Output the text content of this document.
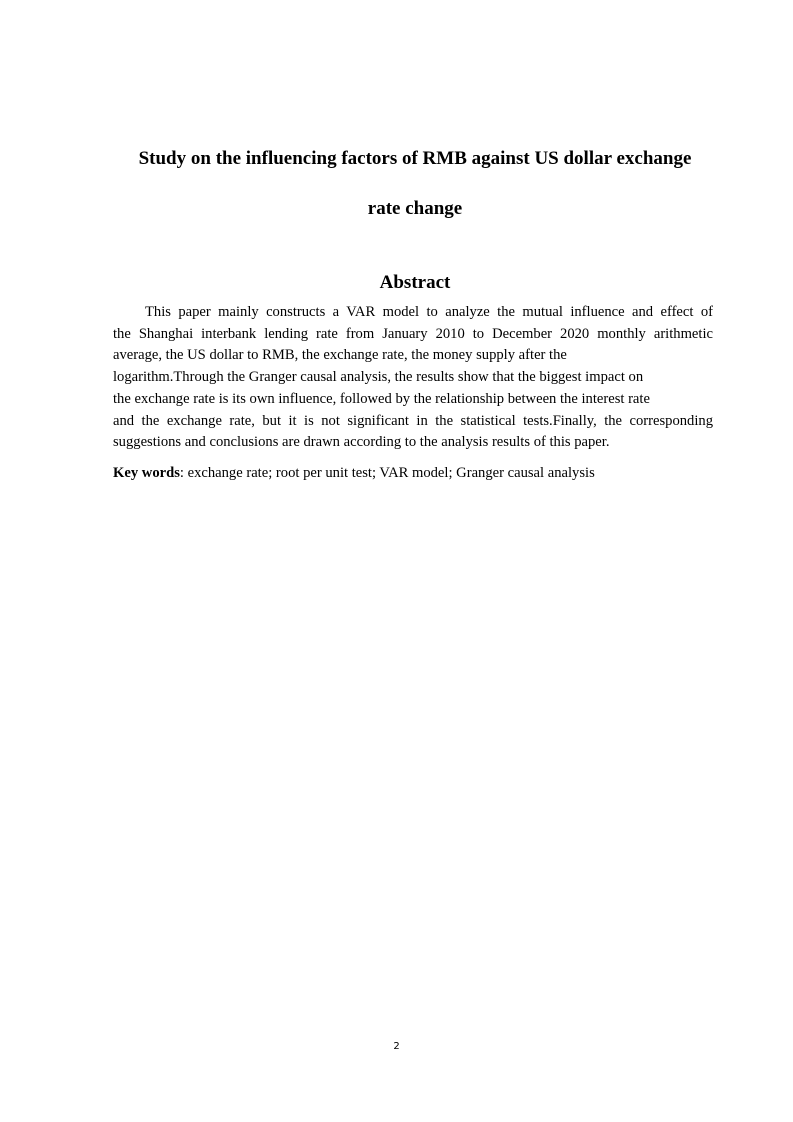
Study on the influencing factors of RMB against US dollar exchange
rate change
Abstract
This paper mainly constructs a VAR model to analyze the mutual influence and effect of
the Shanghai interbank lending rate from January 2010 to December 2020 monthly arithmetic
average, the US dollar to RMB, the exchange rate, the money supply after the
logarithm.Through the Granger causal analysis, the results show that the biggest impact on
the exchange rate is its own influence, followed by the relationship between the interest rate
and the exchange rate, but it is not significant in the statistical tests.Finally, the corresponding
suggestions and conclusions are drawn according to the analysis results of this paper.

Key words: exchange rate; root per unit test; VAR model; Granger causal analysis

2
